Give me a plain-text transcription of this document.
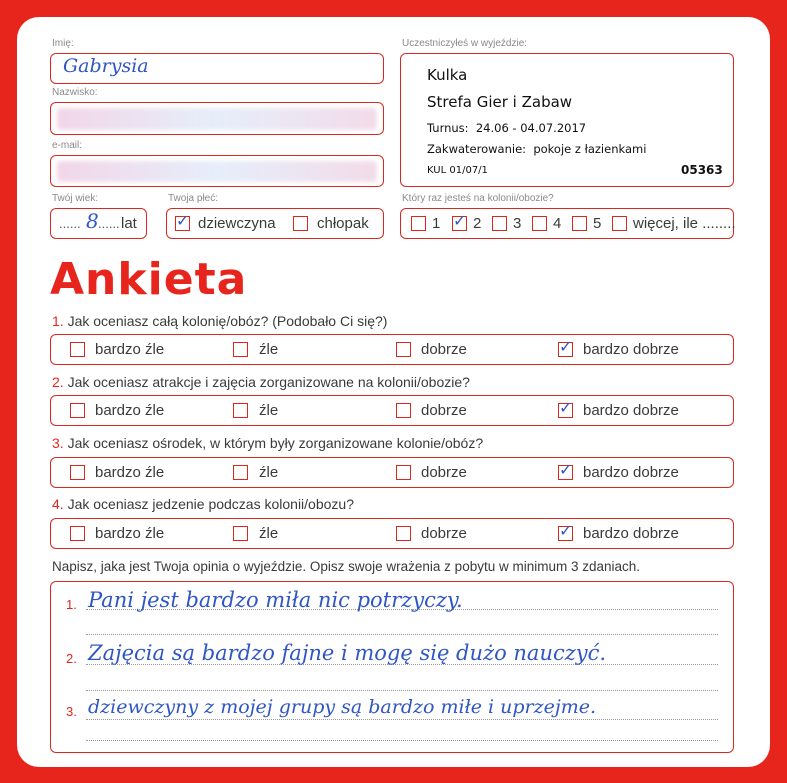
Imię:
Gabrysia
Nazwisko:
e-mail:
Uczestniczyłeś w wyjeździe:
Kulka
Strefa Gier i Zabaw
Turnus: 24.06 - 04.07.2017
Zakwaterowanie: pokoje z łazienkami
KUL 01/07/1	05363
Twój wiek:
...... 8 ...... lat
Twoja płeć:
✓ dziewczyna	chłopak
Który raz jesteś na kolonii/obozie?
1 ✓ 2 3 4 5 więcej, ile ........
Ankieta
1. Jak oceniasz całą kolonię/obóz? (Podobało Ci się?)
bardzo źle	źle	dobrze	✓ bardzo dobrze
2. Jak oceniasz atrakcje i zajęcia zorganizowane na kolonii/obozie?
bardzo źle	źle	dobrze	✓ bardzo dobrze
3. Jak oceniasz ośrodek, w którym były zorganizowane kolonie/obóz?
bardzo źle	źle	dobrze	✓ bardzo dobrze
4. Jak oceniasz jedzenie podczas kolonii/obozu?
bardzo źle	źle	dobrze	✓ bardzo dobrze
Napisz, jaka jest Twoja opinia o wyjeździe. Opisz swoje wrażenia z pobytu w minimum 3 zdaniach.
1. Pani jest bardzo miła nic potrzyczy.
2. Zajęcia są bardzo fajne i mogę się dużo nauczyć.
3. dziewczyny z mojej grupy są bardzo miłe i uprzejme.
